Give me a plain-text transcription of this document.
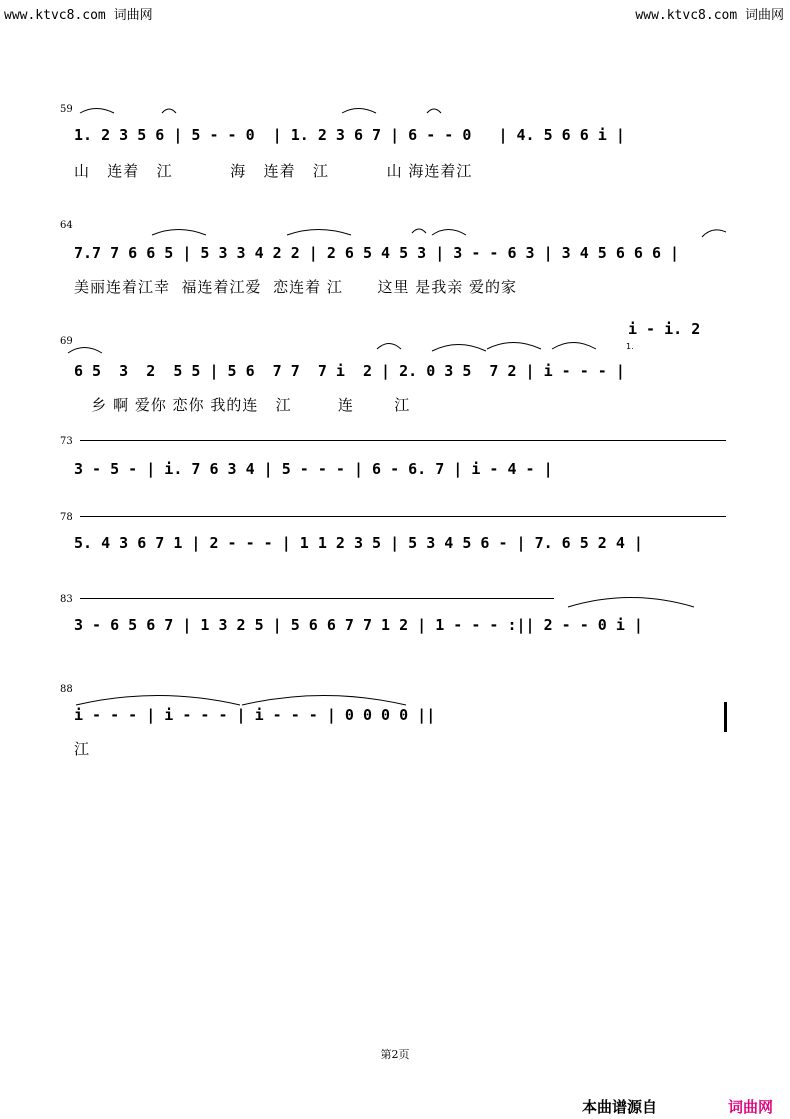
www.ktvc8.com 词曲网	www.ktvc8.com 词曲网
59
1. 2 3 5 6 | 5 - - 0  | 1. 2 3 6 7 | 6 - - 0   | 4. 5 6 6 i |
山   连着   江          海   连着   江          山 海连着江
64
7.7 7 6 6 5 | 5 3 3 4 2 2 | 2 6 5 4 5 3 | 3 - - 6 3 | 3 4 5 6 6 6 |
美丽连着江幸  福连着江爱  恋连着 江      这里 是我亲 爱的家
69
i - i. 2
1.
6 5  3  2  5 5 | 5 6  7 7  7 i  2 | 2. 0 3 5  7 2 | i - - - |
乡 啊 爱你 恋你 我的连   江        连       江
73
3 - 5 - | i. 7 6 3 4 | 5 - - - | 6 - 6. 7 | i - 4 - |
78
5. 4 3 6 7 1 | 2 - - - | 1 1 2 3 5 | 5 3 4 5 6 - | 7. 6 5 2 4 |
83
3 - 6 5 6 7 | 1 3 2 5 | 5 6 6 7 7 1 2 | 1 - - - :|| 2 - - 0 i |
88
i - - - | i - - - | i - - - | 0 0 0 0 ||
江
第2页
本曲谱源自	词曲网
